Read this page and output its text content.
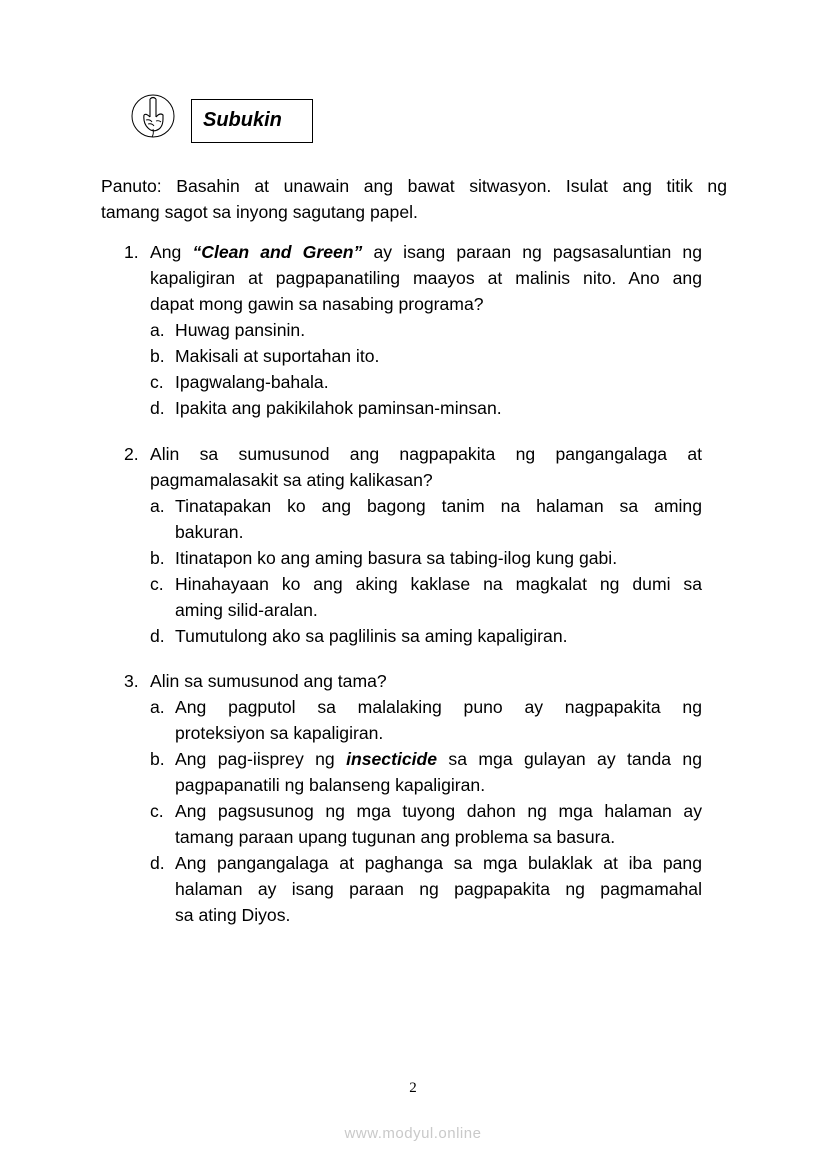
Subukin
Panuto: Basahin at unawain ang bawat sitwasyon. Isulat ang titik ng
tamang sagot sa inyong sagutang papel.
1. Ang “Clean and Green” ay isang paraan ng pagsasaluntian ng
kapaligiran at pagpapanatiling maayos at malinis nito. Ano ang
dapat mong gawin sa nasabing programa?
a. Huwag pansinin.
b. Makisali at suportahan ito.
c. Ipagwalang-bahala.
d. Ipakita ang pakikilahok paminsan-minsan.
2. Alin sa sumusunod ang nagpapakita ng pangangalaga at
pagmamalasakit sa ating kalikasan?
a. Tinatapakan ko ang bagong tanim na halaman sa aming
bakuran.
b. Itinatapon ko ang aming basura sa tabing-ilog kung gabi.
c. Hinahayaan ko ang aking kaklase na magkalat ng dumi sa
aming silid-aralan.
d. Tumutulong ako sa paglilinis sa aming kapaligiran.
3. Alin sa sumusunod ang tama?
a. Ang pagputol sa malalaking puno ay nagpapakita ng
proteksiyon sa kapaligiran.
b. Ang pag-iisprey ng insecticide sa mga gulayan ay tanda ng
pagpapanatili ng balanseng kapaligiran.
c. Ang pagsusunog ng mga tuyong dahon ng mga halaman ay
tamang paraan upang tugunan ang problema sa basura.
d. Ang pangangalaga at paghanga sa mga bulaklak at iba pang
halaman ay isang paraan ng pagpapakita ng pagmamahal
sa ating Diyos.
2
www.modyul.online
